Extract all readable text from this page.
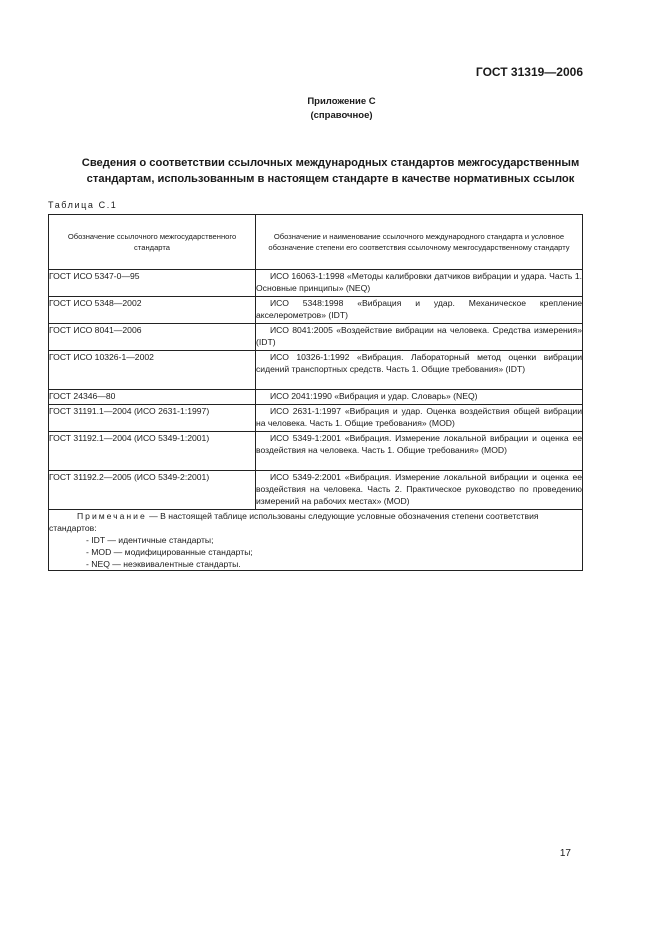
ГОСТ 31319—2006
Приложение С
(справочное)
Сведения о соответствии ссылочных международных стандартов межгосударственным стандартам, использованным в настоящем стандарте в качестве нормативных ссылок
Таблица С.1
Обозначение ссылочного межгосударственного стандарта	Обозначение и наименование ссылочного международного стандарта и условное обозначение степени его соответствия ссылочному межгосударственному стандарту
ГОСТ ИСО 5347-0—95	ИСО 16063-1:1998 «Методы калибровки датчиков вибрации и удара. Часть 1. Основные принципы» (NEQ)

ГОСТ ИСО 5348—2002	ИСО 5348:1998 «Вибрация и удар. Механическое крепление акселерометров» (IDT)

ГОСТ ИСО 8041—2006	ИСО 8041:2005 «Воздействие вибрации на человека. Средства измерения» (IDT)

ГОСТ ИСО 10326-1—2002	ИСО 10326-1:1992 «Вибрация. Лабораторный метод оценки вибрации сидений транспортных средств. Часть 1. Общие требования» (IDT)

ГОСТ 24346—80	ИСО 2041:1990 «Вибрация и удар. Словарь» (NEQ)

ГОСТ 31191.1—2004 (ИСО 2631-1:1997)	ИСО 2631-1:1997 «Вибрация и удар. Оценка воздействия общей вибрации на человека. Часть 1. Общие требования» (MOD)

ГОСТ 31192.1—2004 (ИСО 5349-1:2001)	ИСО 5349-1:2001 «Вибрация. Измерение локальной вибрации и оценка ее воздействия на человека. Часть 1. Общие требования» (MOD)

ГОСТ 31192.2—2005 (ИСО 5349-2:2001)	ИСО 5349-2:2001 «Вибрация. Измерение локальной вибрации и оценка ее воздействия на человека. Часть 2. Практическое руководство по проведению измерений на рабочих местах» (MOD)

Примечание — В настоящей таблице использованы следующие условные обозначения степени соответствия стандартов:
- IDT — идентичные стандарты;
- MOD — модифицированные стандарты;
- NEQ — неэквивалентные стандарты.	
17
